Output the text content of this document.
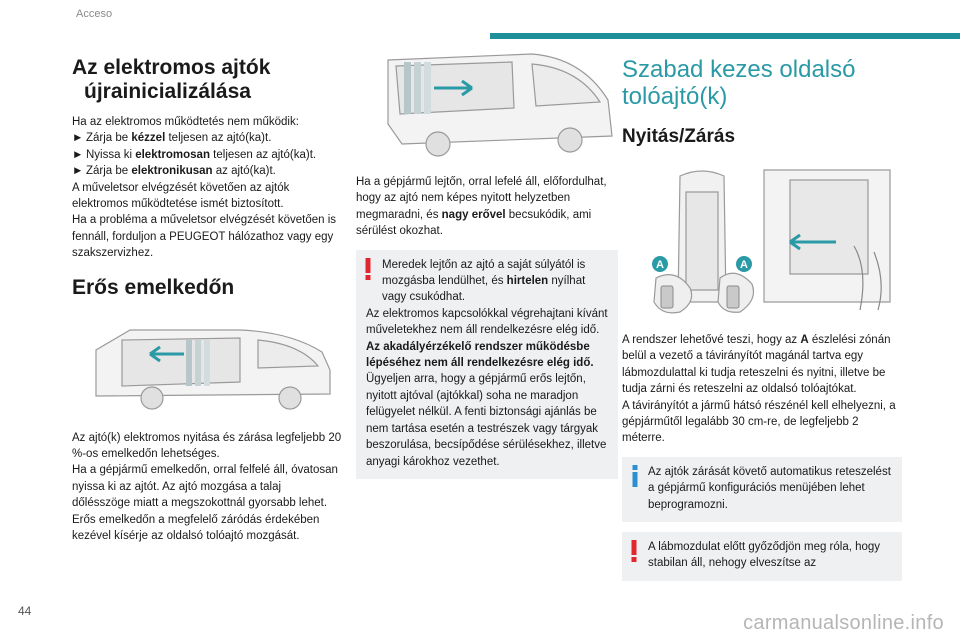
Acceso
Az elektromos ajtók
újrainicializálása

Ha az elektromos működtetés nem működik:

► Zárja be kézzel teljesen az ajtó(ka)t.

► Nyissa ki elektromosan teljesen az ajtó(ka)t.

► Zárja be elektronikusan az ajtó(ka)t.

A műveletsor elvégzését követően az ajtók elektromos működtetése ismét biztosított.

Ha a probléma a műveletsor elvégzését követően is fennáll, forduljon a PEUGEOT hálózathoz vagy egy szakszervizhez.

Erős emelkedőn

Az ajtó(k) elektromos nyitása és zárása legfeljebb 20 %-os emelkedőn lehetséges.

Ha a gépjármű emelkedőn, orral felfelé áll, óvatosan nyissa ki az ajtót. Az ajtó mozgása a talaj dőlésszöge miatt a megszokottnál gyorsabb lehet.

Erős emelkedőn a megfelelő záródás érdekében kezével kísérje az oldalsó tolóajtó mozgását.

Ha a gépjármű lejtőn, orral lefelé áll, előfordulhat, hogy az ajtó nem képes nyitott helyzetben megmaradni, és nagy erővel becsukódik, ami sérülést okozhat.

Meredek lejtőn az ajtó a saját súlyától is mozgásba lendülhet, és hirtelen nyílhat vagy csukódhat.

Az elektromos kapcsolókkal végrehajtani kívánt műveletekhez nem áll rendelkezésre elég idő.

Az akadályérzékelő rendszer működésbe lépéséhez nem áll rendelkezésre elég idő.

Ügyeljen arra, hogy a gépjármű erős lejtőn, nyitott ajtóval (ajtókkal) soha ne maradjon felügyelet nélkül. A fenti biztonsági ajánlás be nem tartása esetén a testrészek vagy tárgyak beszorulása, becsípődése sérülésekhez, illetve anyagi károkhoz vezethet.

Szabad kezes oldalsó
tolóajtó(k)
Nyitás/Zárás
A	A

A rendszer lehetővé teszi, hogy az A észlelési zónán belül a vezető a távirányítót magánál tartva egy lábmozdulattal ki tudja reteszelni és nyitni, illetve be tudja zárni és reteszelni az oldalsó tolóajtókat.

A távirányítót a jármű hátsó részénél kell elhelyezni, a gépjárműtől legalább 30 cm-re, de legfeljebb 2 méterre.

Az ajtók zárását követő automatikus reteszelést a gépjármű konfigurációs menüjében lehet beprogramozni.

A lábmozdulat előtt győződjön meg róla, hogy stabilan áll, nehogy elveszítse az

44
carmanualsonline.info
